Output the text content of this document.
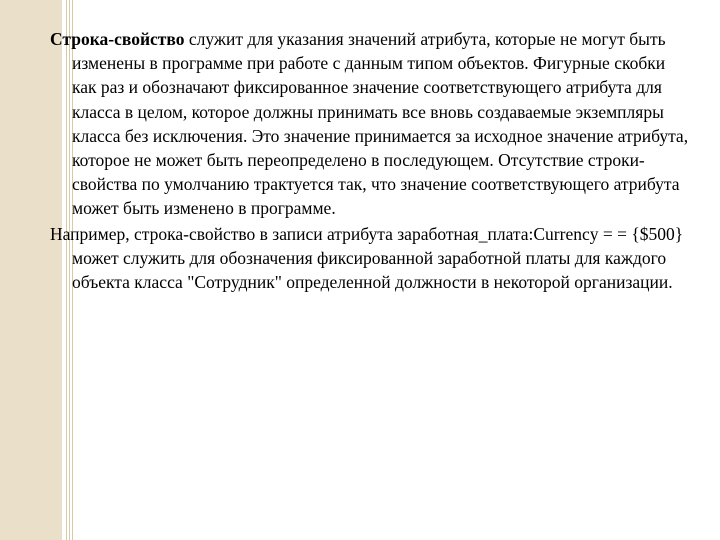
Строка-свойство служит для указания значений атрибута, которые не могут быть изменены в программе при работе с данным типом объектов. Фигурные скобки как раз и обозначают фиксированное значение соответствующего атрибута для класса в целом, которое должны принимать все вновь создаваемые экземпляры класса без исключения. Это значение принимается за исходное значение атрибута, которое не может быть переопределено в последующем. Отсутствие строки-свойства по умолчанию трактуется так, что значение соответствующего атрибута может быть изменено в программе.

Например, строка-свойство в записи атрибута заработная_плата:Currency = = {$500} может служить для обозначения фиксированной заработной платы для каждого объекта класса "Сотрудник" определенной должности в некоторой организации.
